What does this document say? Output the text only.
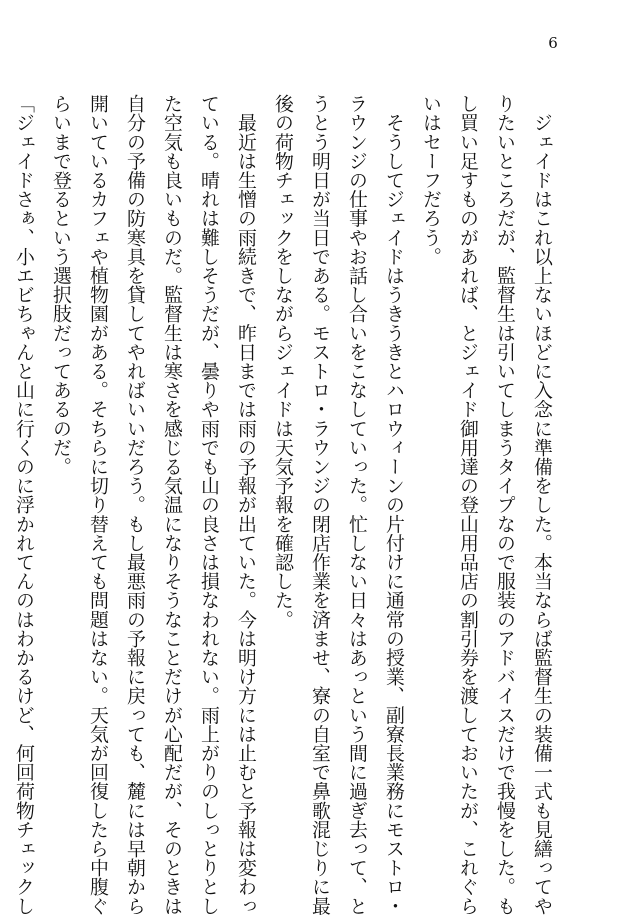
6
　ジェイドはこれ以上ないほどに入念に準備をした。本当ならば監督生の装備一式も見繕ってや
りたいところだが、監督生は引いてしまうタイプなので服装のアドバイスだけで我慢をした。も
し買い足すものがあれば、とジェイド御用達の登山用品店の割引券を渡しておいたが、これぐら
いはセーフだろう。
　そうしてジェイドはうきうきとハロウィーンの片付けに通常の授業、副寮長業務にモストロ・
ラウンジの仕事やお話し合いをこなしていった。忙しない日々はあっという間に過ぎ去って、と
うとう明日が当日である。モストロ・ラウンジの閉店作業を済ませ、寮の自室で鼻歌混じりに最
後の荷物チェックをしながらジェイドは天気予報を確認した。
　最近は生憎の雨続きで、昨日までは雨の予報が出ていた。今は明け方には止むと予報は変わっ
ている。晴れは難しそうだが、曇りや雨でも山の良さは損なわれない。雨上がりのしっとりとし
た空気も良いものだ。監督生は寒さを感じる気温になりそうなことだけが心配だが、そのときは
自分の予備の防寒具を貸してやればいいだろう。もし最悪雨の予報に戻っても、麓には早朝から
開いているカフェや植物園がある。そちらに切り替えても問題はない。天気が回復したら中腹ぐ
らいまで登るという選択肢だってあるのだ。
「ジェイドさぁ、小エビちゃんと山に行くのに浮かれてんのはわかるけど、何回荷物チェックし
